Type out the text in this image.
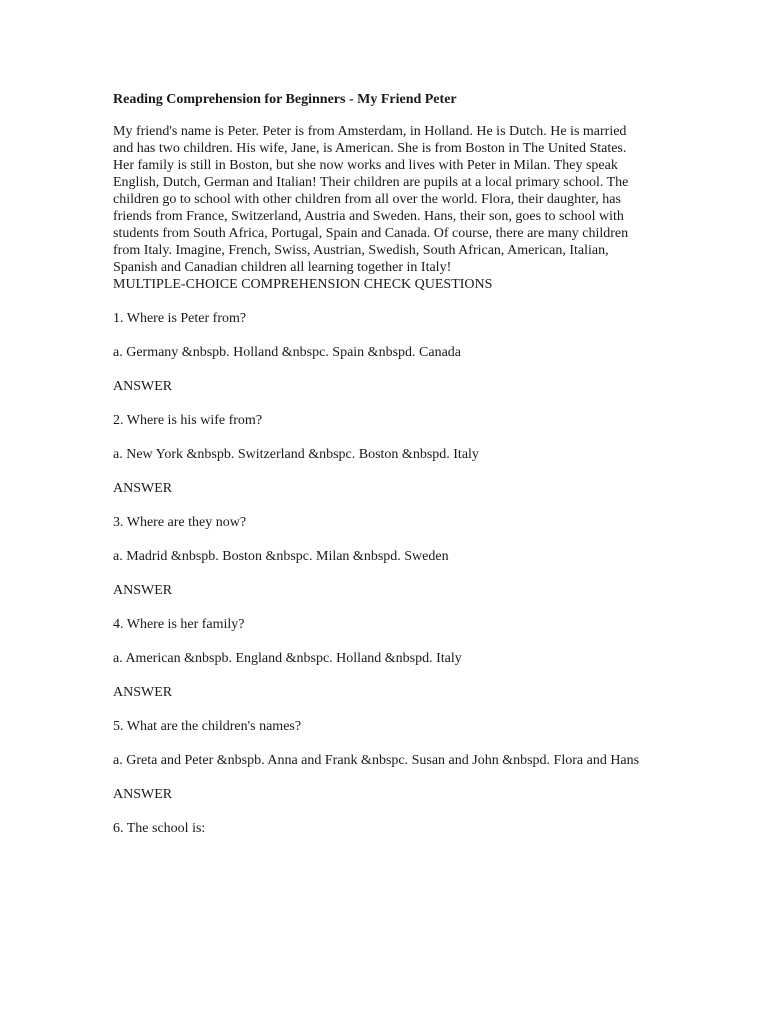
Reading Comprehension for Beginners - My Friend Peter

My friend's name is Peter. Peter is from Amsterdam, in Holland. He is Dutch. He is married and has two children. His wife, Jane, is American. She is from Boston in The United States. Her family is still in Boston, but she now works and lives with Peter in Milan. They speak English, Dutch, German and Italian! Their children are pupils at a local primary school. The children go to school with other children from all over the world. Flora, their daughter, has friends from France, Switzerland, Austria and Sweden. Hans, their son, goes to school with students from South Africa, Portugal, Spain and Canada. Of course, there are many children from Italy. Imagine, French, Swiss, Austrian, Swedish, South African, American, Italian, Spanish and Canadian children all learning together in Italy!

MULTIPLE-CHOICE COMPREHENSION CHECK QUESTIONS

1. Where is Peter from?

a. Germany &nbspb. Holland &nbspc. Spain &nbspd. Canada

ANSWER

2. Where is his wife from?

a. New York &nbspb. Switzerland &nbspc. Boston &nbspd. Italy

ANSWER

3. Where are they now?

a. Madrid &nbspb. Boston &nbspc. Milan &nbspd. Sweden

ANSWER

4. Where is her family?

a. American &nbspb. England &nbspc. Holland &nbspd. Italy

ANSWER

5. What are the children's names?

a. Greta and Peter &nbspb. Anna and Frank &nbspc. Susan and John &nbspd. Flora and Hans

ANSWER

6. The school is:
